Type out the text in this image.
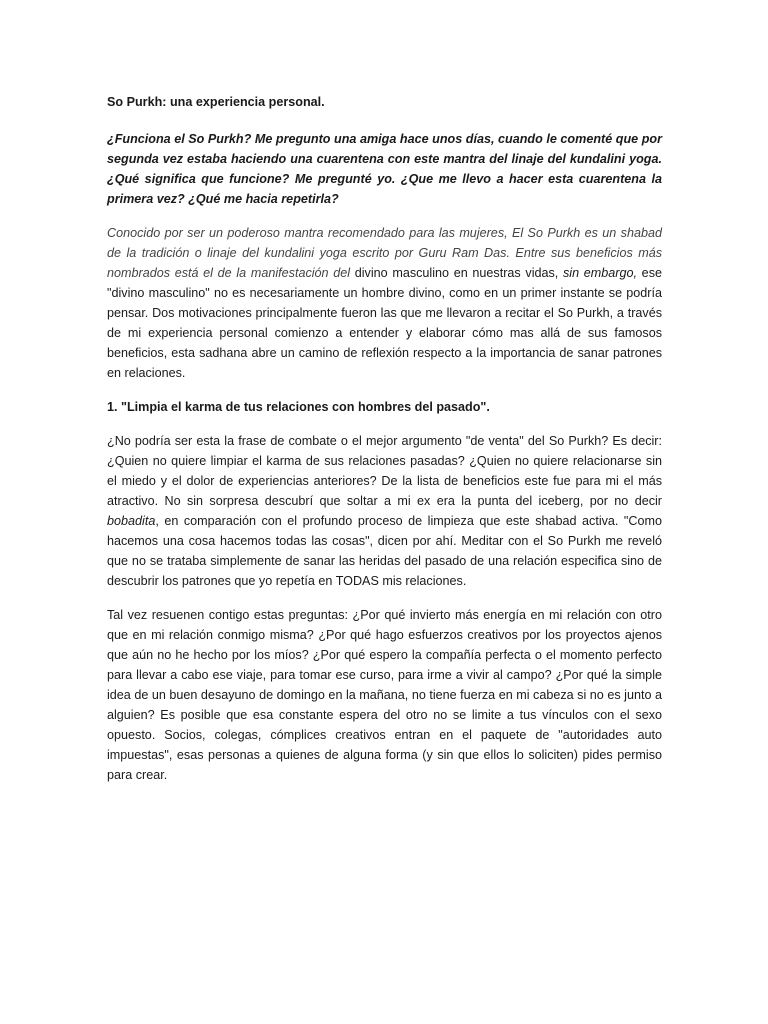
So Purkh: una experiencia personal.

¿Funciona el So Purkh? Me pregunto una amiga hace unos días, cuando le comenté que por segunda vez estaba haciendo una cuarentena con este mantra del linaje del kundalini yoga. ¿Qué significa que funcione? Me pregunté yo. ¿Que me llevo a hacer esta cuarentena la primera vez? ¿Qué me hacia repetirla?

Conocido por ser un poderoso mantra recomendado para las mujeres, El So Purkh es un shabad de la tradición o linaje del kundalini yoga escrito por Guru Ram Das. Entre sus beneficios más nombrados está el de la manifestación del divino masculino en nuestras vidas, sin embargo, ese "divino masculino" no es necesariamente un hombre divino, como en un primer instante se podría pensar. Dos motivaciones principalmente fueron las que me llevaron a recitar el So Purkh, a través de mi experiencia personal comienzo a entender y elaborar cómo mas allá de sus famosos beneficios, esta sadhana abre un camino de reflexión respecto a la importancia de sanar patrones en relaciones.

1. "Limpia el karma de tus relaciones con hombres del pasado".

¿No podría ser esta la frase de combate o el mejor argumento "de venta" del So Purkh? Es decir: ¿Quien no quiere limpiar el karma de sus relaciones pasadas? ¿Quien no quiere relacionarse sin el miedo y el dolor de experiencias anteriores? De la lista de beneficios este fue para mi el más atractivo. No sin sorpresa descubrí que soltar a mi ex era la punta del iceberg, por no decir bobadita, en comparación con el profundo proceso de limpieza que este shabad activa. "Como hacemos una cosa hacemos todas las cosas", dicen por ahí. Meditar con el So Purkh me reveló que no se trataba simplemente de sanar las heridas del pasado de una relación especifica sino de descubrir los patrones que yo repetía en TODAS mis relaciones.

Tal vez resuenen contigo estas preguntas: ¿Por qué invierto más energía en mi relación con otro que en mi relación conmigo misma? ¿Por qué hago esfuerzos creativos por los proyectos ajenos que aún no he hecho por los míos? ¿Por qué espero la compañía perfecta o el momento perfecto para llevar a cabo ese viaje, para tomar ese curso, para irme a vivir al campo? ¿Por qué la simple idea de un buen desayuno de domingo en la mañana, no tiene fuerza en mi cabeza si no es junto a alguien? Es posible que esa constante espera del otro no se limite a tus vínculos con el sexo opuesto. Socios, colegas, cómplices creativos entran en el paquete de "autoridades auto impuestas", esas personas a quienes de alguna forma (y sin que ellos lo soliciten) pides permiso para crear.
